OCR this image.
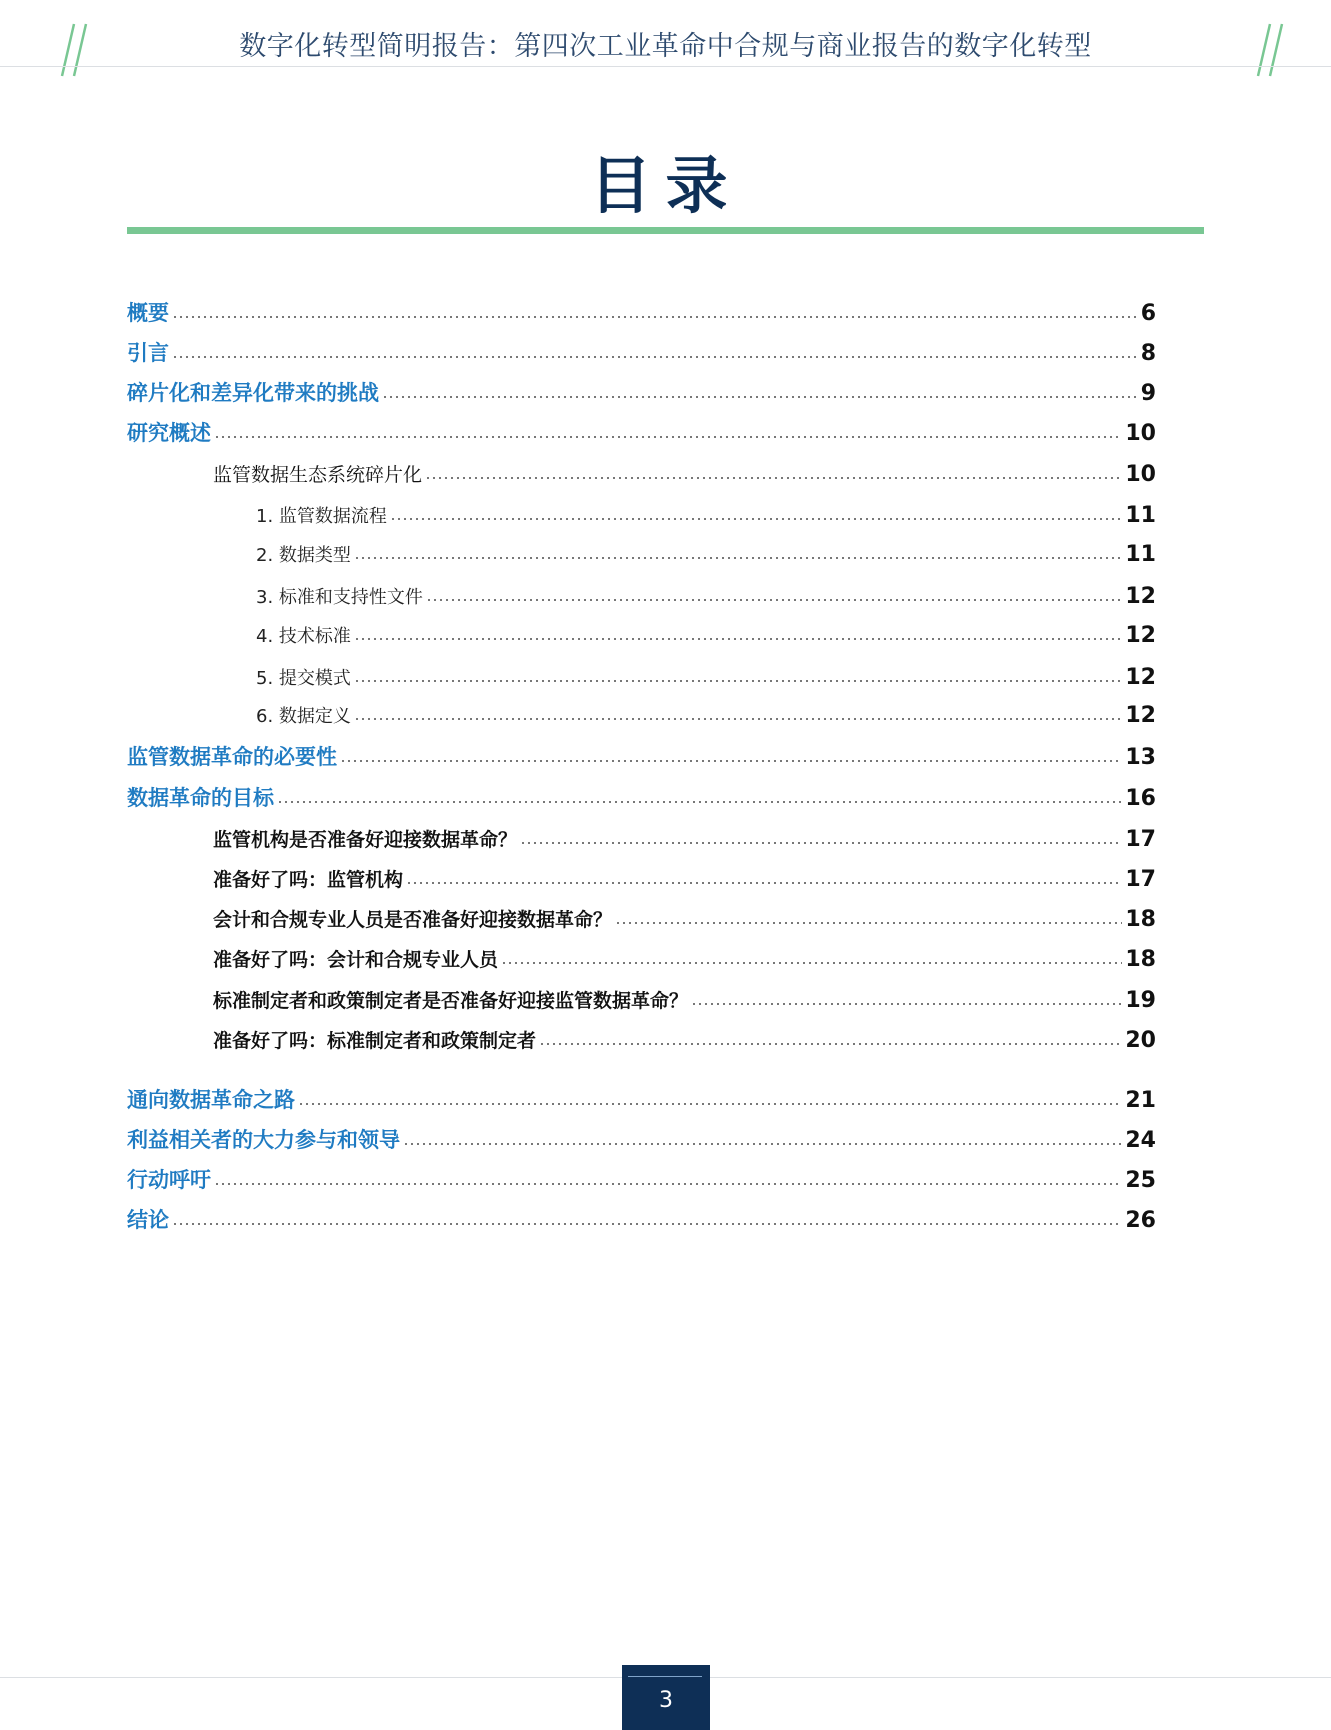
数字化转型简明报告：第四次工业革命中合规与商业报告的数字化转型
目录
概要	6
引言	8
碎片化和差异化带来的挑战	9
研究概述	10
监管数据生态系统碎片化	10
1. 监管数据流程	11
2. 数据类型	11
3. 标准和支持性文件	12
4. 技术标准	12
5. 提交模式	12
6. 数据定义	12
监管数据革命的必要性	13
数据革命的目标	16
监管机构是否准备好迎接数据革命？	17
准备好了吗：监管机构	17
会计和合规专业人员是否准备好迎接数据革命？	18
准备好了吗：会计和合规专业人员	18
标准制定者和政策制定者是否准备好迎接监管数据革命？	19
准备好了吗：标准制定者和政策制定者	20
通向数据革命之路	21
利益相关者的大力参与和领导	24
行动呼吁	25
结论	26
3
